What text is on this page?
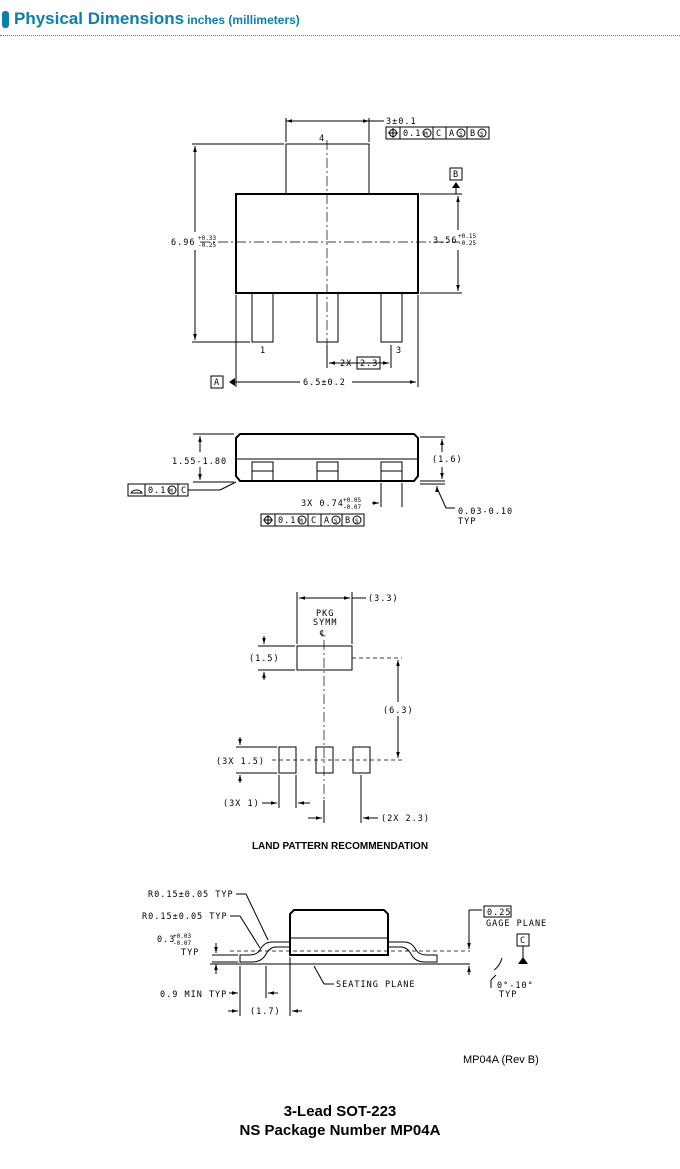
Physical Dimensions inches (millimeters)
3±0.1
0.1 M C A S B S
4
6.96 +0.33
-0.25
B
3.56 +0.15
-0.25
1	3
2X 2.3
A	6.5±0.2
1.55-1.80
0.1 M C
(1.6)
3X 0.74 +0.05
-0.07
0.1 M C A S B S
0.03-0.10
TYP
(3.3)
PKG
SYMM
℄
(1.5)
(6.3)
(3X 1.5)
(3X 1)
(2X 2.3)
R0.15±0.05 TYP
R0.15±0.05 TYP
0.3
+0.03
-0.07
TYP
0.9 MIN TYP
(1.7)
SEATING PLANE
0.25
GAGE PLANE
C
0°-10°
TYP
LAND PATTERN RECOMMENDATION
MP04A (Rev B)
3-Lead SOT-223
NS Package Number MP04A
